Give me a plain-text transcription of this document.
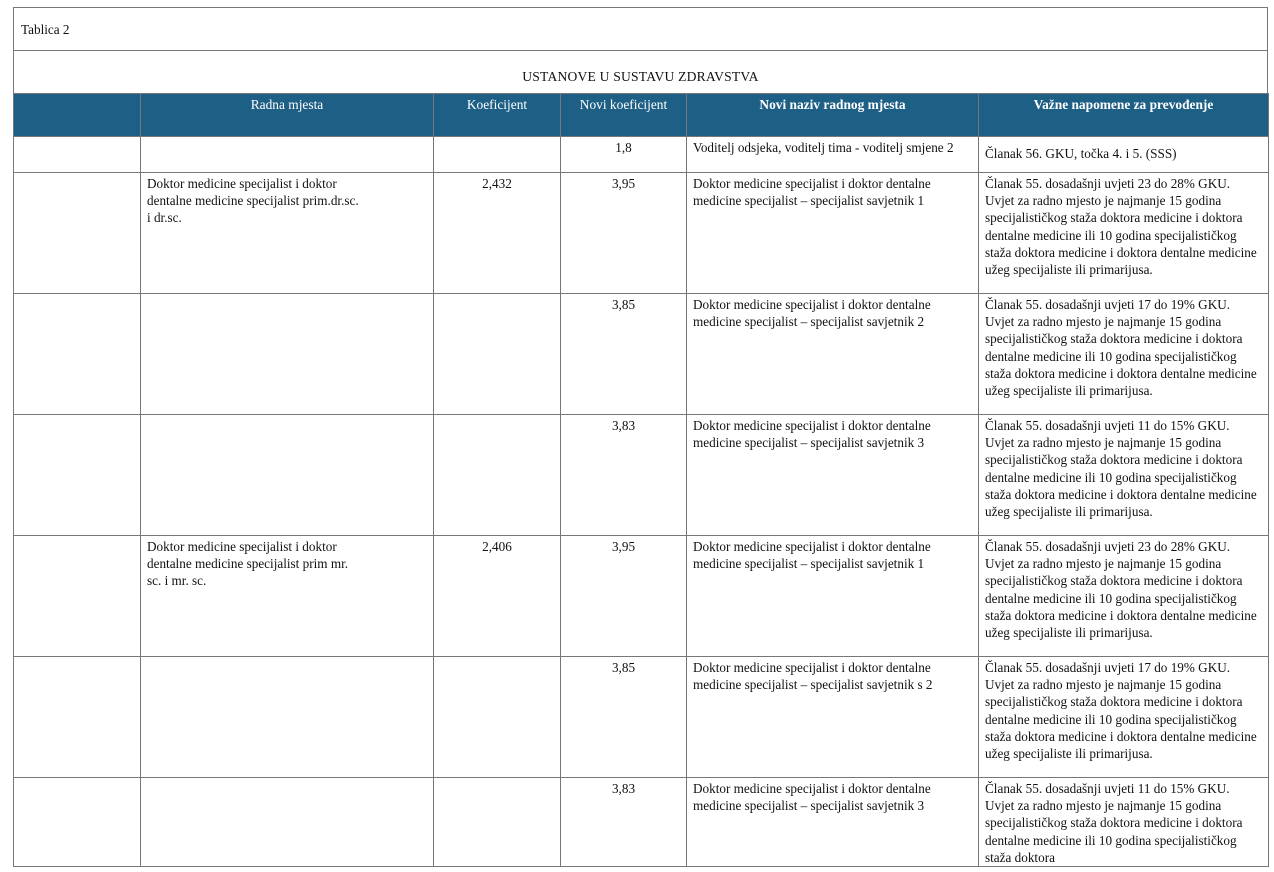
Tablica 2
USTANOVE U SUSTAVU ZDRAVSTVA
	Radna mjesta	Koeficijent	Novi koeficijent	Novi naziv radnog mjesta	Važne napomene za prevođenje
			1,8	Voditelj odsjeka, voditelj tima - voditelj smjene 2	Članak 56. GKU, točka 4. i 5. (SSS)
	Doktor medicine specijalist i doktor dentalne medicine specijalist prim.dr.sc. i dr.sc.	2,432	3,95	Doktor medicine specijalist i doktor dentalne medicine specijalist – specijalist savjetnik 1	Članak 55. dosadašnji uvjeti 23 do 28% GKU. Uvjet za radno mjesto je najmanje 15 godina specijalističkog staža doktora medicine i doktora dentalne medicine ili 10 godina specijalističkog staža doktora medicine i doktora dentalne medicine užeg specijaliste ili primarijusa.
			3,85	Doktor medicine specijalist i doktor dentalne medicine specijalist – specijalist savjetnik 2	Članak 55. dosadašnji uvjeti 17 do 19% GKU. Uvjet za radno mjesto je najmanje 15 godina specijalističkog staža doktora medicine i doktora dentalne medicine ili 10 godina specijalističkog staža doktora medicine i doktora dentalne medicine užeg specijaliste ili primarijusa.
			3,83	Doktor medicine specijalist i doktor dentalne medicine specijalist – specijalist savjetnik 3	Članak 55. dosadašnji uvjeti 11 do 15% GKU. Uvjet za radno mjesto je najmanje 15 godina specijalističkog staža doktora medicine i doktora dentalne medicine ili 10 godina specijalističkog staža doktora medicine i doktora dentalne medicine užeg specijaliste ili primarijusa.
	Doktor medicine specijalist i doktor dentalne medicine specijalist prim mr. sc. i mr. sc.	2,406	3,95	Doktor medicine specijalist i doktor dentalne medicine specijalist – specijalist savjetnik 1	Članak 55. dosadašnji uvjeti 23 do 28% GKU. Uvjet za radno mjesto je najmanje 15 godina specijalističkog staža doktora medicine i doktora dentalne medicine ili 10 godina specijalističkog staža doktora medicine i doktora dentalne medicine užeg specijaliste ili primarijusa.
			3,85	Doktor medicine specijalist i doktor dentalne medicine specijalist – specijalist savjetnik s 2	Članak 55. dosadašnji uvjeti 17 do 19% GKU. Uvjet za radno mjesto je najmanje 15 godina specijalističkog staža doktora medicine i doktora dentalne medicine ili 10 godina specijalističkog staža doktora medicine i doktora dentalne medicine užeg specijaliste ili primarijusa.
			3,83	Doktor medicine specijalist i doktor dentalne medicine specijalist – specijalist savjetnik 3	Članak 55. dosadašnji uvjeti 11 do 15% GKU. Uvjet za radno mjesto je najmanje 15 godina specijalističkog staža doktora medicine i doktora dentalne medicine ili 10 godina specijalističkog staža doktora
